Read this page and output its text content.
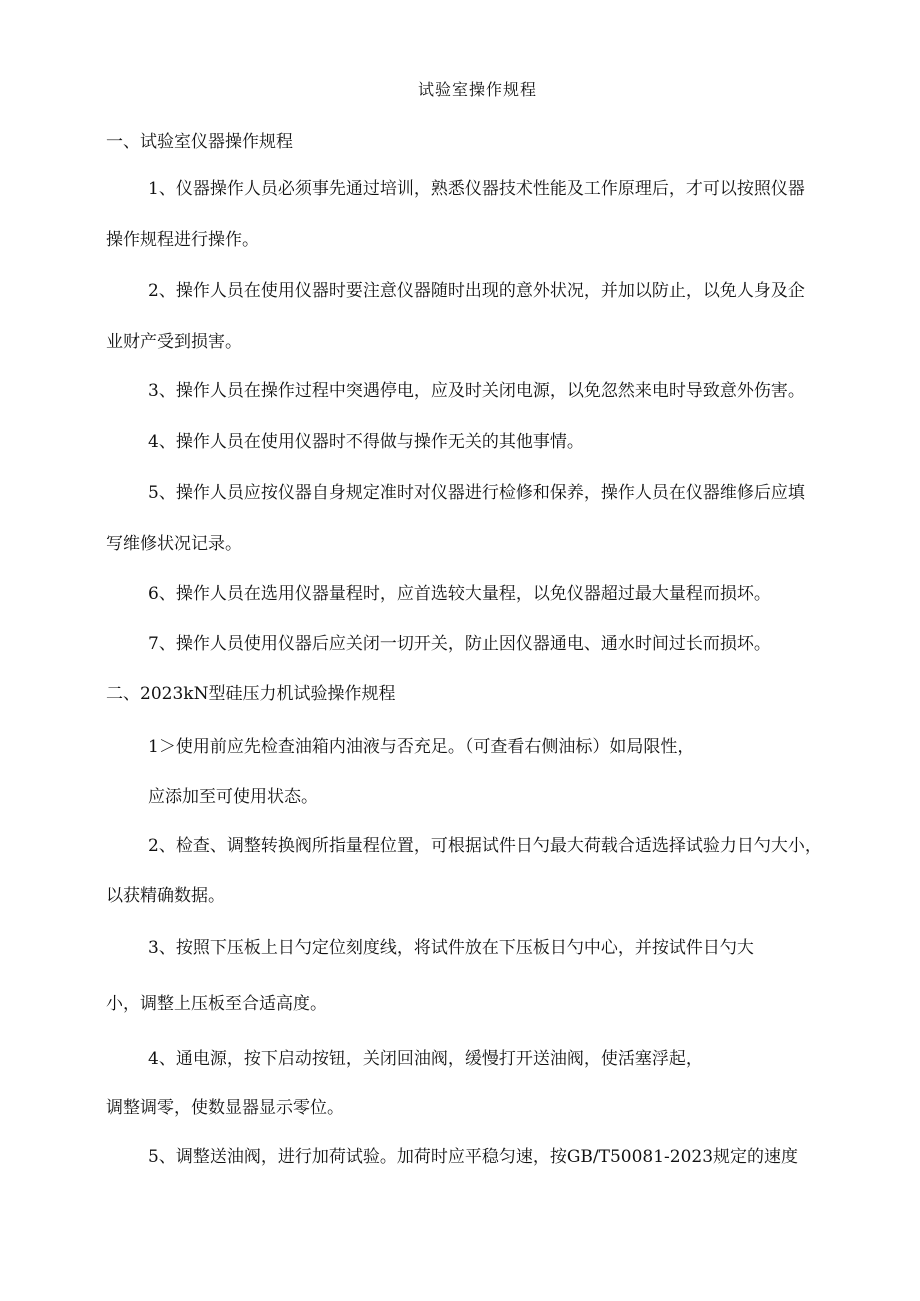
试验室操作规程

一、试验室仪器操作规程

1、仪器操作人员必须事先通过培训，熟悉仪器技术性能及工作原理后，才可以按照仪器

操作规程进行操作。

2、操作人员在使用仪器时要注意仪器随时出现的意外状况，并加以防止，以免人身及企

业财产受到损害。

3、操作人员在操作过程中突遇停电，应及时关闭电源，以免忽然来电时导致意外伤害。

4、操作人员在使用仪器时不得做与操作无关的其他事情。

5、操作人员应按仪器自身规定准时对仪器进行检修和保养，操作人员在仪器维修后应填

写维修状况记录。

6、操作人员在选用仪器量程时，应首选较大量程，以免仪器超过最大量程而损坏。

7、操作人员使用仪器后应关闭一切开关，防止因仪器通电、通水时间过长而损坏。

二、2023kN型硅压力机试验操作规程

1＞使用前应先检查油箱内油液与否充足。（可查看右侧油标）如局限性，

应添加至可使用状态。

2、检查、调整转换阀所指量程位置，可根据试件日勺最大荷载合适选择试验力日勺大小，

以获精确数据。

3、按照下压板上日勺定位刻度线，将试件放在下压板日勺中心，并按试件日勺大

小，调整上压板至合适高度。

4、通电源，按下启动按钮，关闭回油阀，缓慢打开送油阀，使活塞浮起，

调整调零，使数显器显示零位。

5、调整送油阀，进行加荷试验。加荷时应平稳匀速，按GB/T50081-2023规定的速度
